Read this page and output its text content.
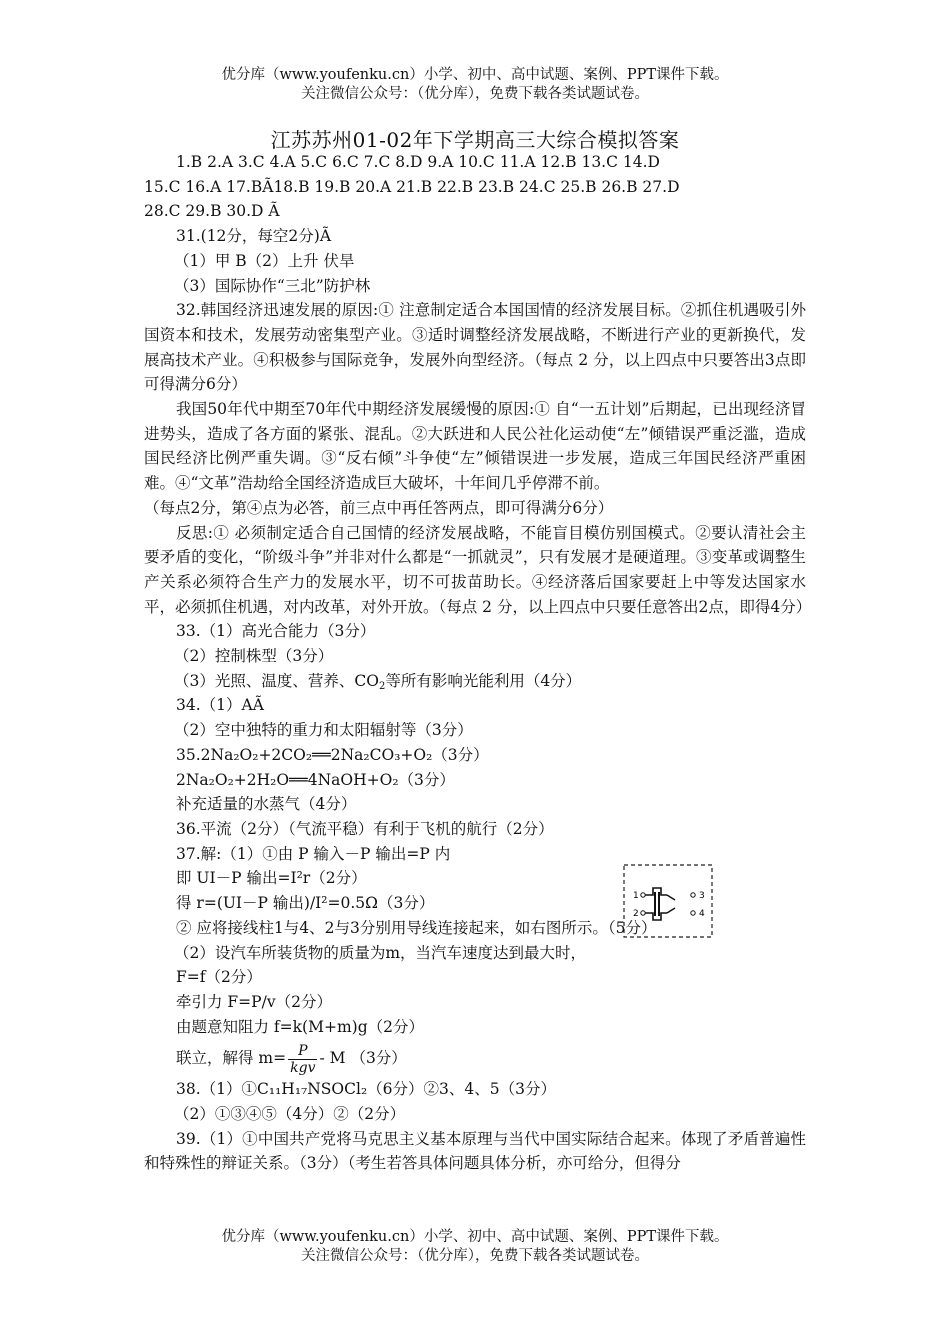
优分库（www.youfenku.cn）小学、初中、高中试题、案例、PPT课件下载。
关注微信公众号：（优分库），免费下载各类试题试卷。
江苏苏州01-02年下学期高三大综合模拟答案
1.B 2.A 3.C 4.A 5.C 6.C 7.C 8.D 9.A 10.C 11.A 12.B 13.C 14.D
15.C 16.A 17.BÃ18.B 19.B 20.A 21.B 22.B 23.B 24.C 25.B 26.B 27.D
28.C 29.B 30.D Ã
31.(12分，每空2分)Ã
（1）甲 B（2）上升 伏旱
（3）国际协作“三北”防护林
32.韩国经济迅速发展的原因:① 注意制定适合本国国情的经济发展目标。②抓住机遇吸引外国资本和技术，发展劳动密集型产业。③适时调整经济发展战略，不断进行产业的更新换代，发展高技术产业。④积极参与国际竞争，发展外向型经济。（每点 2 分，以上四点中只要答出3点即可得满分6分）
我国50年代中期至70年代中期经济发展缓慢的原因:① 自“一五计划”后期起，已出现经济冒进势头，造成了各方面的紧张、混乱。②大跃进和人民公社化运动使“左”倾错误严重泛滥，造成国民经济比例严重失调。③“反右倾”斗争使“左”倾错误进一步发展，造成三年国民经济严重困难。④“文革”浩劫给全国经济造成巨大破坏，十年间几乎停滞不前。
（每点2分，第④点为必答，前三点中再任答两点，即可得满分6分）
反思:① 必须制定适合自己国情的经济发展战略，不能盲目模仿别国模式。②要认清社会主要矛盾的变化，“阶级斗争”并非对什么都是“一抓就灵”，只有发展才是硬道理。③变革或调整生产关系必须符合生产力的发展水平，切不可拔苗助长。④经济落后国家要赶上中等发达国家水平，必须抓住机遇，对内改革，对外开放。（每点 2 分，以上四点中只要任意答出2点，即得4分）
33.（1）高光合能力（3分）
（2）控制株型（3分）
（3）光照、温度、营养、$CO_2$等所有影响光能利用（4分）
34.（1）AÃ
（2）空中独特的重力和太阳辐射等（3分）
35.2Na₂O₂+2CO₂══2Na₂CO₃+O₂（3分）
2Na₂O₂+2H₂O══4NaOH+O₂（3分）
补充适量的水蒸气（4分）
36.平流（2分）（气流平稳）有利于飞机的航行（2分）
37.解:（1）①由 P 输入－P 输出=P 内
即 UI－P 输出=I²r（2分）
得 r=(UI－P 输出)/I²=0.5Ω（3分）
② 应将接线柱1与4、2与3分别用导线连接起来，如右图所示。（5分）
（2）设汽车所装货物的质量为m，当汽车速度达到最大时，
F=f（2分）
牵引力 F=P/v（2分）
由题意知阻力 f=k(M+m)g（2分）
联立，解得 $m= \frac{P}{\text{kgv}} - M$ （3分）
38.（1）①C₁₁H₁₇NSOCl₂（6分）②3、4、5（3分）
（2）①③④⑤（4分）②（2分）
39.（1）①中国共产党将马克思主义基本原理与当代中国实际结合起来。体现了矛盾普遍性和特殊性的辩证关系。（3分）（考生若答具体问题具体分析，亦可给分，但得分
1
2
3
4
优分库（www.youfenku.cn）小学、初中、高中试题、案例、PPT课件下载。
关注微信公众号：（优分库），免费下载各类试题试卷。
